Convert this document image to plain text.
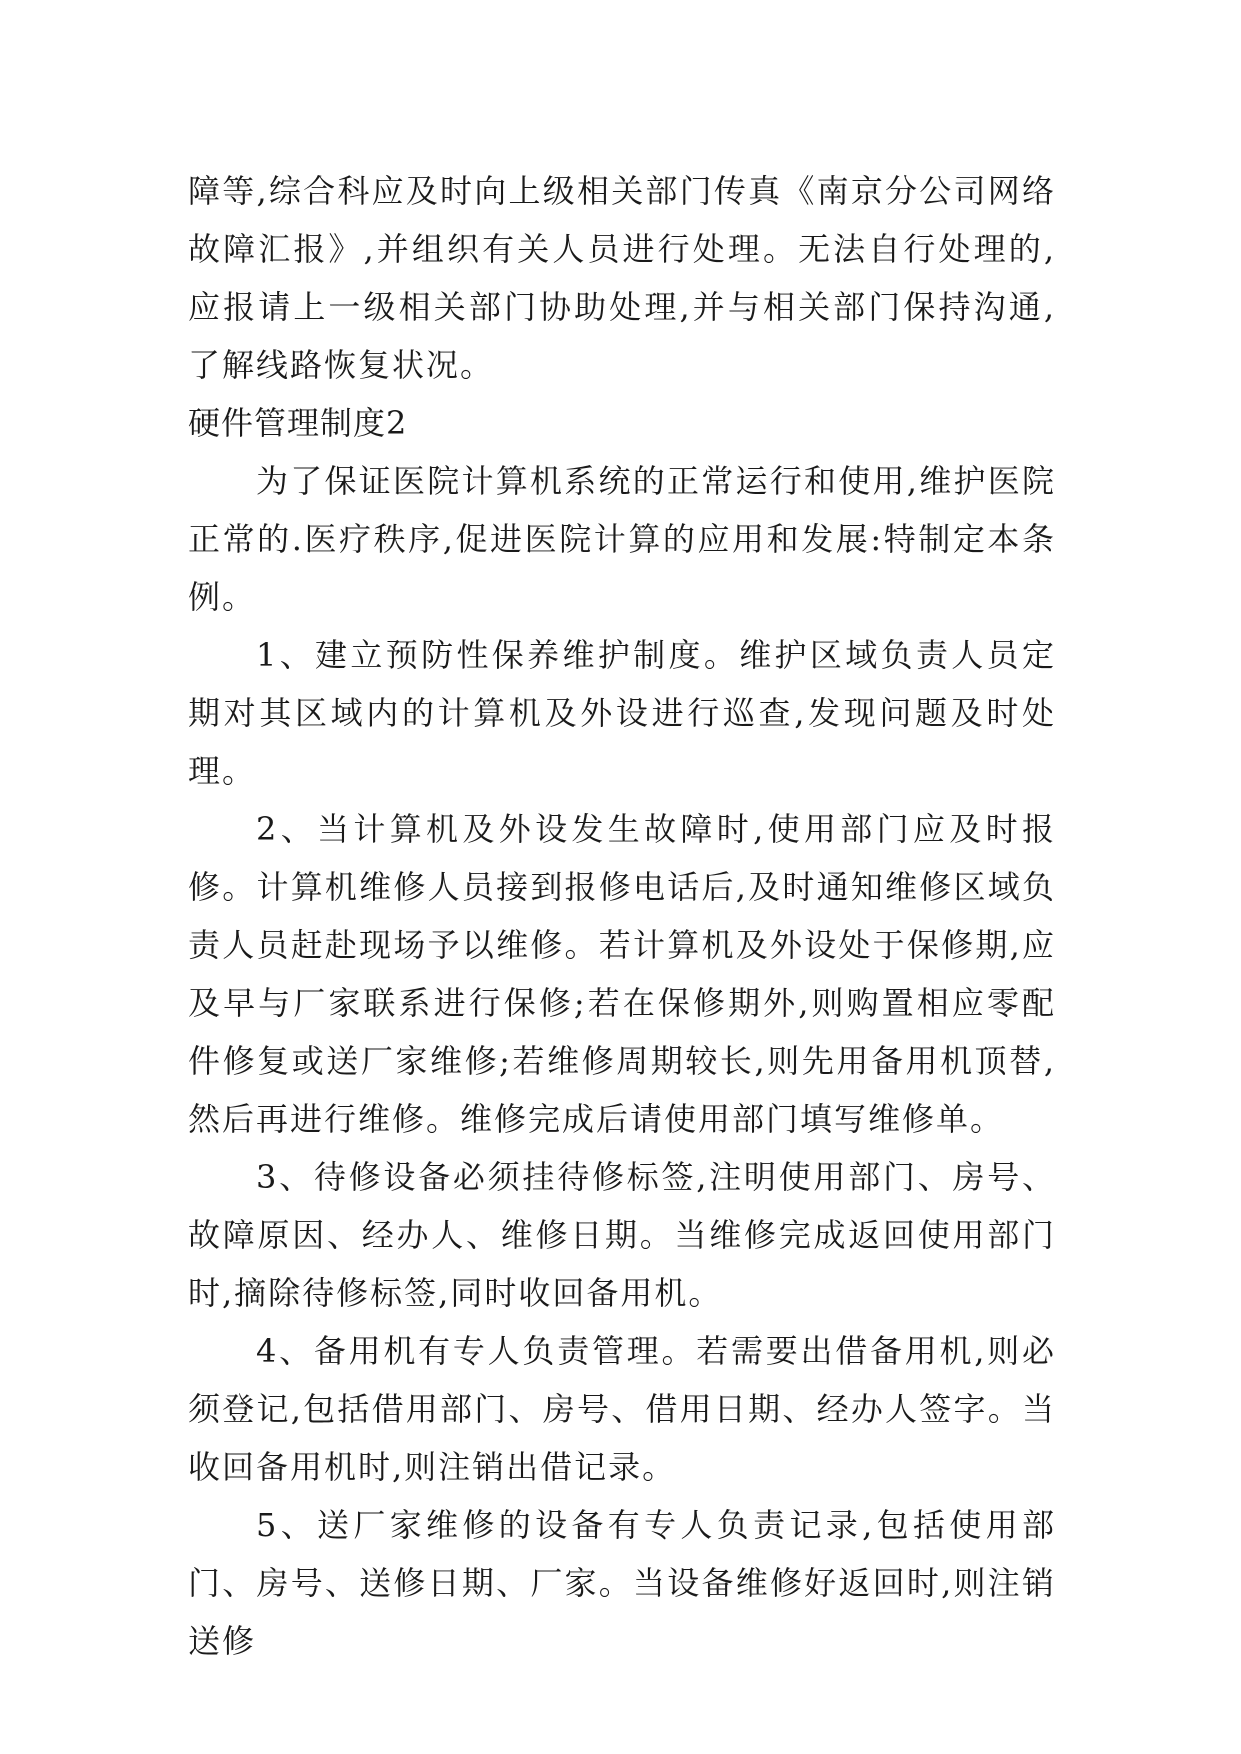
障等,综合科应及时向上级相关部门传真《南京分公司网络故障汇报》,并组织有关人员进行处理。无法自行处理的,应报请上一级相关部门协助处理,并与相关部门保持沟通,了解线路恢复状况。

硬件管理制度2

为了保证医院计算机系统的正常运行和使用,维护医院正常的.医疗秩序,促进医院计算的应用和发展:特制定本条例。

1、建立预防性保养维护制度。维护区域负责人员定期对其区域内的计算机及外设进行巡查,发现问题及时处理。

2、当计算机及外设发生故障时,使用部门应及时报修。计算机维修人员接到报修电话后,及时通知维修区域负责人员赶赴现场予以维修。若计算机及外设处于保修期,应及早与厂家联系进行保修;若在保修期外,则购置相应零配件修复或送厂家维修;若维修周期较长,则先用备用机顶替,然后再进行维修。维修完成后请使用部门填写维修单。

3、待修设备必须挂待修标签,注明使用部门、房号、故障原因、经办人、维修日期。当维修完成返回使用部门时,摘除待修标签,同时收回备用机。

4、备用机有专人负责管理。若需要出借备用机,则必须登记,包括借用部门、房号、借用日期、经办人签字。当收回备用机时,则注销出借记录。

5、送厂家维修的设备有专人负责记录,包括使用部门、房号、送修日期、厂家。当设备维修好返回时,则注销送修
